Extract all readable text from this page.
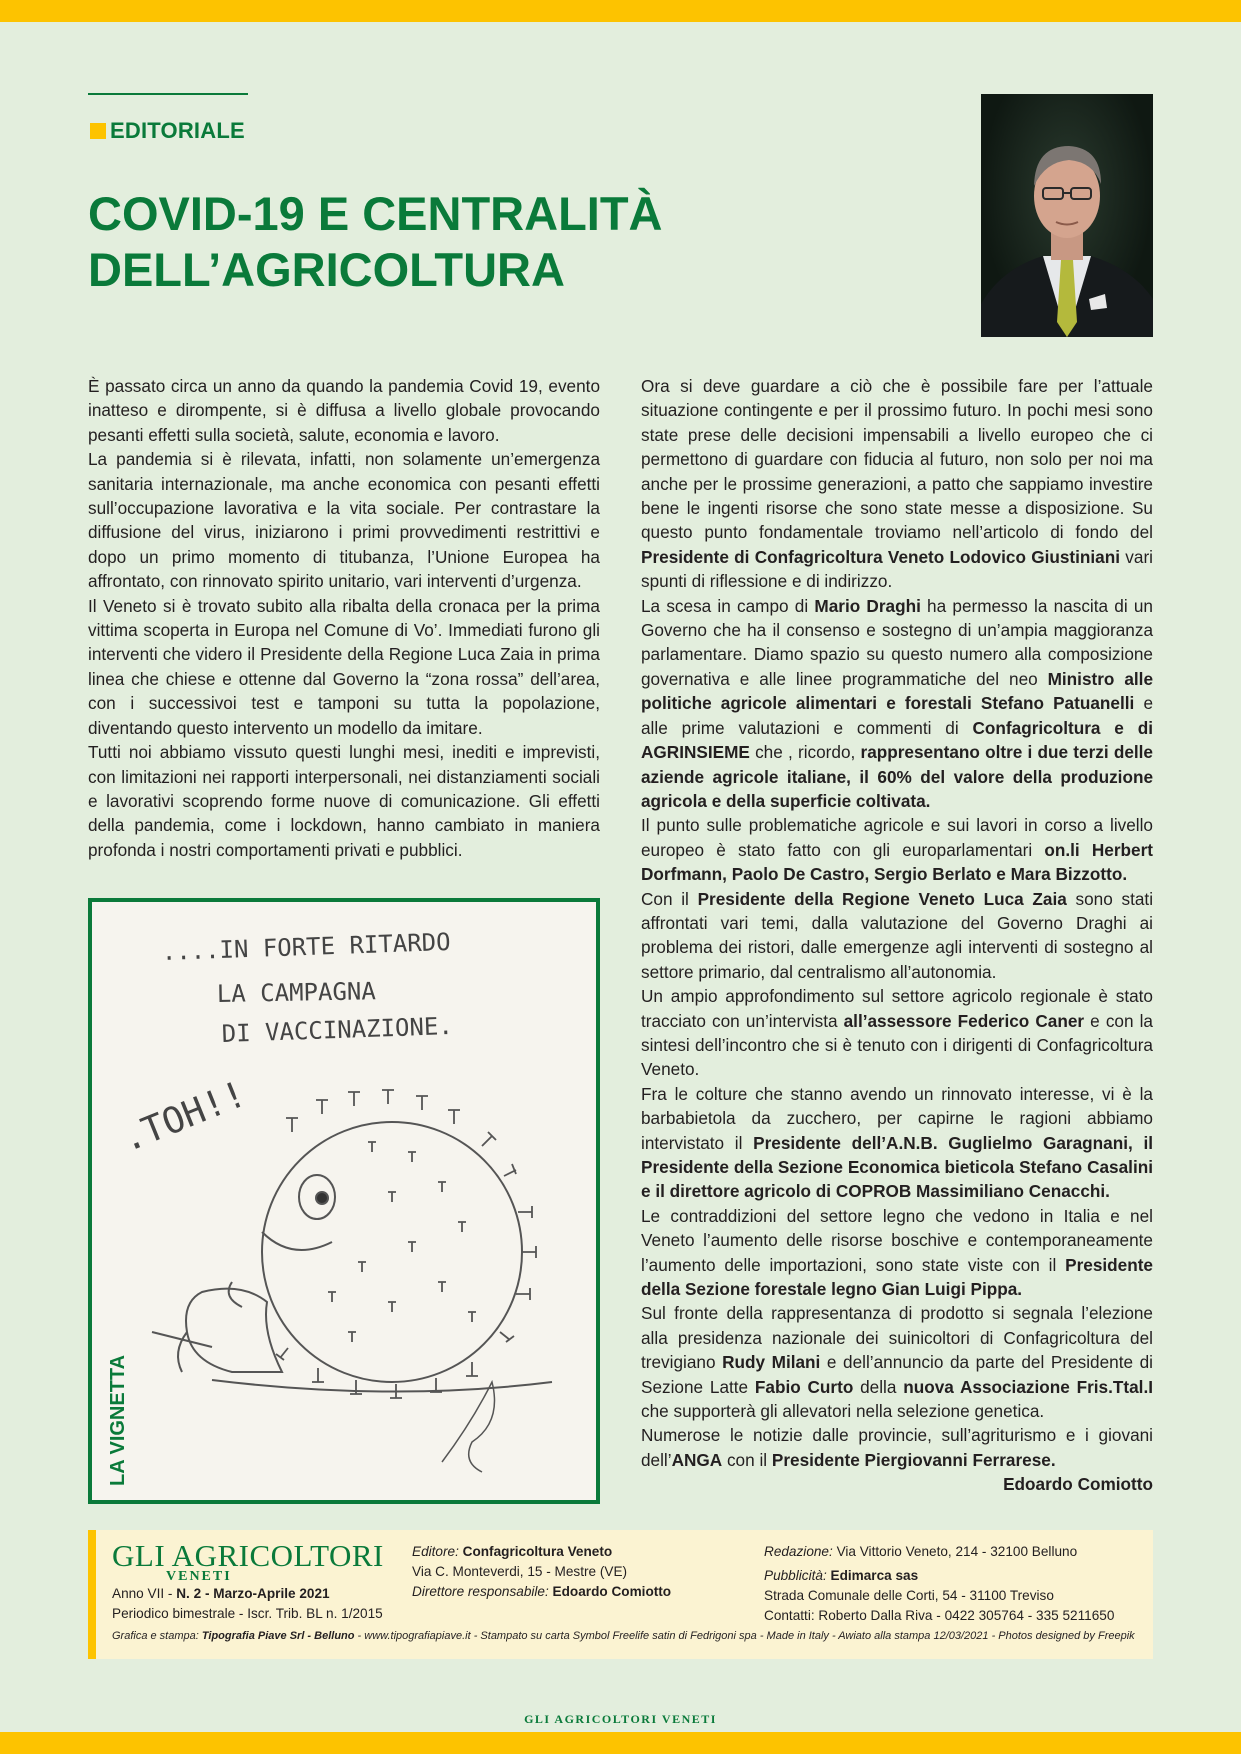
EDITORIALE
COVID-19 E CENTRALITÀ
DELL’AGRICOLTURA

È passato circa un anno da quando la pandemia Covid 19, evento inatteso e dirompente, si è diffusa a livello globale provocando pesanti effetti sulla società, salute, economia e lavoro.

La pandemia si è rilevata, infatti, non solamente un’emergenza sanitaria internazionale, ma anche economica con pesanti effetti sull’occupazione lavorativa e la vita sociale. Per contrastare la diffusione del virus, iniziarono i primi provvedimenti restrittivi e dopo un primo momento di titubanza, l’Unione Europea ha affrontato, con rinnovato spirito unitario, vari interventi d’urgenza.

Il Veneto si è trovato subito alla ribalta della cronaca per la prima vittima scoperta in Europa nel Comune di Vo’. Immediati furono gli interventi che videro il Presidente della Regione Luca Zaia in prima linea che chiese e ottenne dal Governo la “zona rossa” dell’area, con i successivoi test e tamponi su tutta la popolazione, diventando questo intervento un modello da imitare.

Tutti noi abbiamo vissuto questi lunghi mesi, inediti e imprevisti, con limitazioni nei rapporti interpersonali, nei distanziamenti sociali e lavorativi scoprendo forme nuove di comunicazione. Gli effetti della pandemia, come i lockdown, hanno cambiato in maniera profonda i nostri comportamenti privati e pubblici.

Ora si deve guardare a ciò che è possibile fare per l’attuale situazione contingente e per il prossimo futuro. In pochi mesi sono state prese delle decisioni impensabili a livello europeo che ci permettono di guardare con fiducia al futuro, non solo per noi ma anche per le prossime generazioni, a patto che sappiamo investire bene le ingenti risorse che sono state messe a disposizione. Su questo punto fondamentale troviamo nell’articolo di fondo del Presidente di Confagricoltura Veneto Lodovico Giustiniani vari spunti di riflessione e di indirizzo.

La scesa in campo di Mario Draghi ha permesso la nascita di un Governo che ha il consenso e sostegno di un’ampia maggioranza parlamentare. Diamo spazio su questo numero alla composizione governativa e alle linee programmatiche del neo Ministro alle politiche agricole alimentari e forestali Stefano Patuanelli e alle prime valutazioni e commenti di Confagricoltura e di AGRINSIEME che , ricordo, rappresentano oltre i due terzi delle aziende agricole italiane, il 60% del valore della produzione agricola e della superficie coltivata.

Il punto sulle problematiche agricole e sui lavori in corso a livello europeo è stato fatto con gli europarlamentari on.li Herbert Dorfmann, Paolo De Castro, Sergio Berlato e Mara Bizzotto.

Con il Presidente della Regione Veneto Luca Zaia sono stati affrontati vari temi, dalla valutazione del Governo Draghi ai problema dei ristori, dalle emergenze agli interventi di sostegno al settore primario, dal centralismo all’autonomia.

Un ampio approfondimento sul settore agricolo regionale è stato tracciato con un’intervista all’assessore Federico Caner e con la sintesi dell’incontro che si è tenuto con i dirigenti di Confagricoltura Veneto.

Fra le colture che stanno avendo un rinnovato interesse, vi è la barbabietola da zucchero, per capirne le ragioni abbiamo intervistato il Presidente dell’A.N.B. Guglielmo Garagnani, il Presidente della Sezione Economica bieticola Stefano Casalini e il direttore agricolo di COPROB Massimiliano Cenacchi.

Le contraddizioni del settore legno che vedono in Italia e nel Veneto l’aumento delle risorse boschive e contemporaneamente l’aumento delle importazioni, sono state viste con il Presidente della Sezione forestale legno Gian Luigi Pippa.

Sul fronte della rappresentanza di prodotto si segnala l’elezione alla presidenza nazionale dei suinicoltori di Confagricoltura del trevigiano Rudy Milani e dell’annuncio da parte del Presidente di Sezione Latte Fabio Curto della nuova Associazione Fris.Ttal.I che supporterà gli allevatori nella selezione genetica.

Numerose le notizie dalle provincie, sull’agriturismo e i giovani dell’ANGA con il Presidente Piergiovanni Ferrarese.

Edoardo Comiotto

....IN FORTE RITARDO
LA CAMPAGNA
DI VACCINAZIONE.
.TOH!!
LA VIGNETTA
GLI AGRICOLTORI
VENETI
Anno VII - N. 2 - Marzo-Aprile 2021
Periodico bimestrale - Iscr. Trib. BL n. 1/2015
Editore: Confagricoltura Veneto
Via C. Monteverdi, 15 - Mestre (VE)
Direttore responsabile: Edoardo Comiotto
Redazione: Via Vittorio Veneto, 214 - 32100 Belluno
Pubblicità: Edimarca sas
Strada Comunale delle Corti, 54 - 31100 Treviso
Contatti: Roberto Dalla Riva - 0422 305764 - 335 5211650
Grafica e stampa: Tipografia Piave Srl - Belluno - www.tipografiapiave.it - Stampato su carta Symbol Freelife satin di Fedrigoni spa - Made in Italy - Awiato alla stampa 12/03/2021 - Photos designed by Freepik
GLI AGRICOLTORI VENETI
